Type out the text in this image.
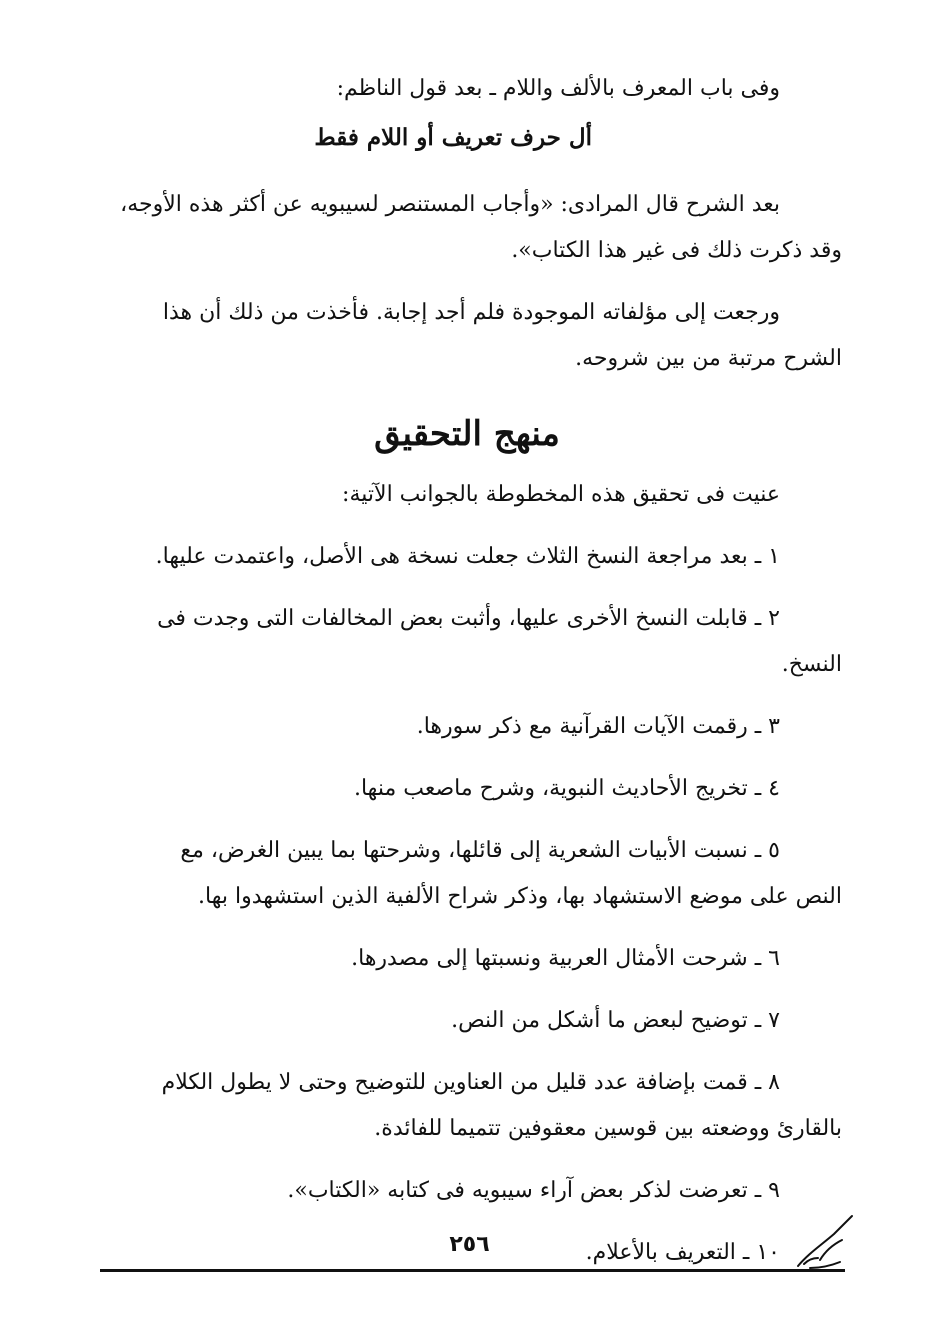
وفى باب المعرف بالألف واللام ـ بعد قول الناظم:
أل حرف تعريف أو اللام فقط
بعد الشرح قال المرادى: «وأجاب المستنصر لسيبويه عن أكثر هذه الأوجه،
وقد ذكرت ذلك فى غير هذا الكتاب».
ورجعت إلى مؤلفاته الموجودة فلم أجد إجابة. فأخذت من ذلك أن هذا
الشرح مرتبة من بين شروحه.
منهج التحقيق
عنيت فى تحقيق هذه المخطوطة بالجوانب الآتية:
١ ـ بعد مراجعة النسخ الثلاث جعلت نسخة هى الأصل، واعتمدت عليها.
٢ ـ قابلت النسخ الأخرى عليها، وأثبت بعض المخالفات التى وجدت فى
النسخ.
٣ ـ رقمت الآيات القرآنية مع ذكر سورها.
٤ ـ تخريج الأحاديث النبوية، وشرح ماصعب منها.
٥ ـ نسبت الأبيات الشعرية إلى قائلها، وشرحتها بما يبين الغرض، مع
النص على موضع الاستشهاد بها، وذكر شراح الألفية الذين استشهدوا بها.
٦ ـ شرحت الأمثال العربية ونسبتها إلى مصدرها.
٧ ـ توضيح لبعض ما أشكل من النص.
٨ ـ قمت بإضافة عدد قليل من العناوين للتوضيح وحتى لا يطول الكلام
بالقارئ ووضعته بين قوسين معقوفين تتميما للفائدة.
٩ ـ تعرضت لذكر بعض آراء سيبويه فى كتابه «الكتاب».
١٠ ـ التعريف بالأعلام.
٢٥٦
